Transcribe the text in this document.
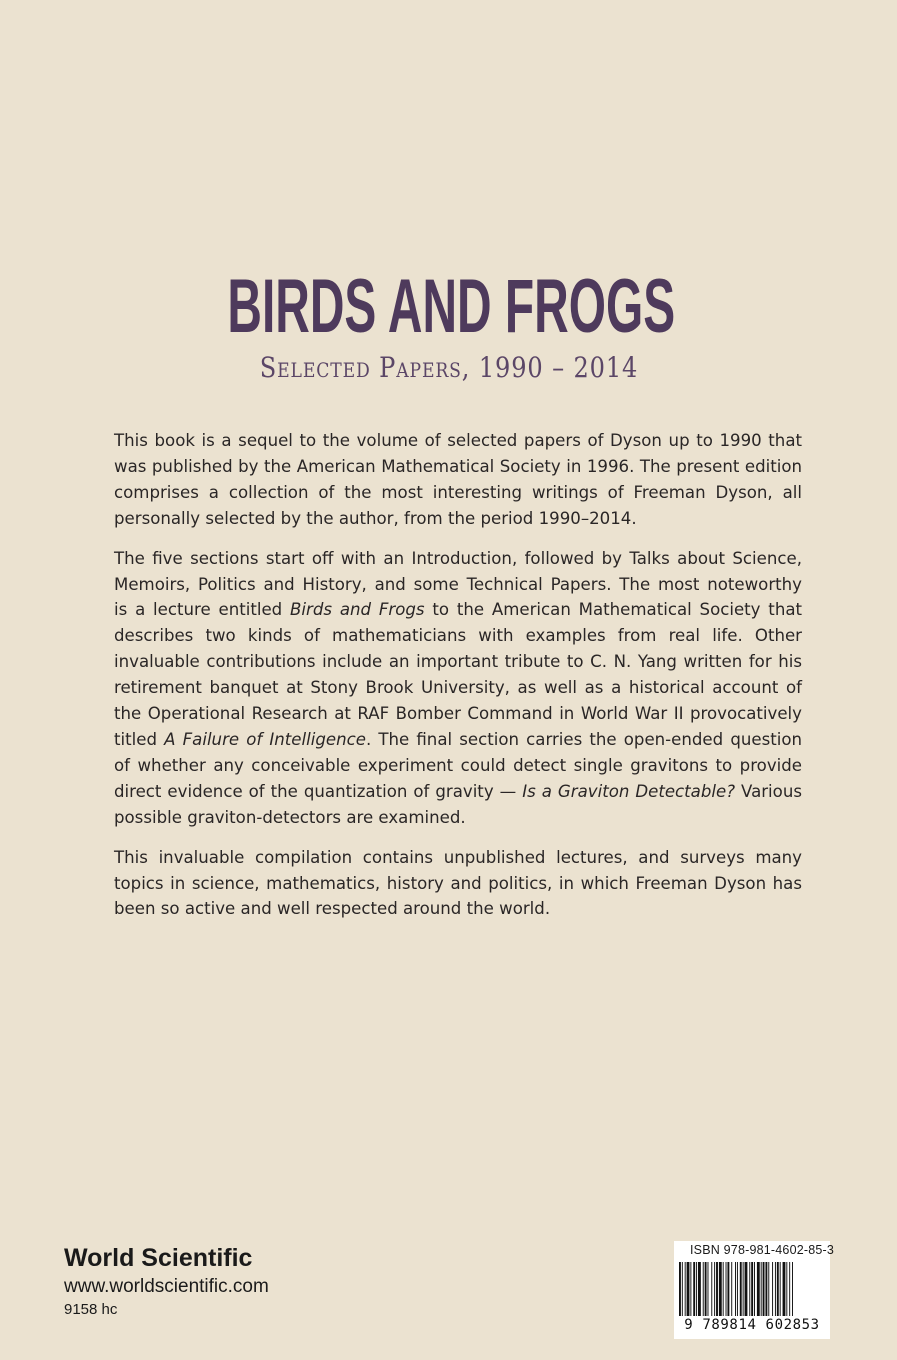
BIRDS AND FROGS
Selected Papers, 1990 – 2014

This book is a sequel to the volume of selected papers of Dyson up to 1990 that
was published by the American Mathematical Society in 1996. The present edition
comprises a collection of the most interesting writings of Freeman Dyson, all
personally selected by the author, from the period 1990–2014.

The five sections start off with an Introduction, followed by Talks about Science,
Memoirs, Politics and History, and some Technical Papers. The most noteworthy
is a lecture entitled Birds and Frogs to the American Mathematical Society that
describes two kinds of mathematicians with examples from real life. Other
invaluable contributions include an important tribute to C. N. Yang written for his
retirement banquet at Stony Brook University, as well as a historical account of
the Operational Research at RAF Bomber Command in World War II provocatively
titled A Failure of Intelligence. The final section carries the open-ended question
of whether any conceivable experiment could detect single gravitons to provide
direct evidence of the quantization of gravity — Is a Graviton Detectable? Various
possible graviton-detectors are examined.

This invaluable compilation contains unpublished lectures, and surveys many
topics in science, mathematics, history and politics, in which Freeman Dyson has
been so active and well respected around the world.

World Scientific
www.worldscientific.com
9158 hc
ISBN 978-981-4602-85-3
9 789814 602853
